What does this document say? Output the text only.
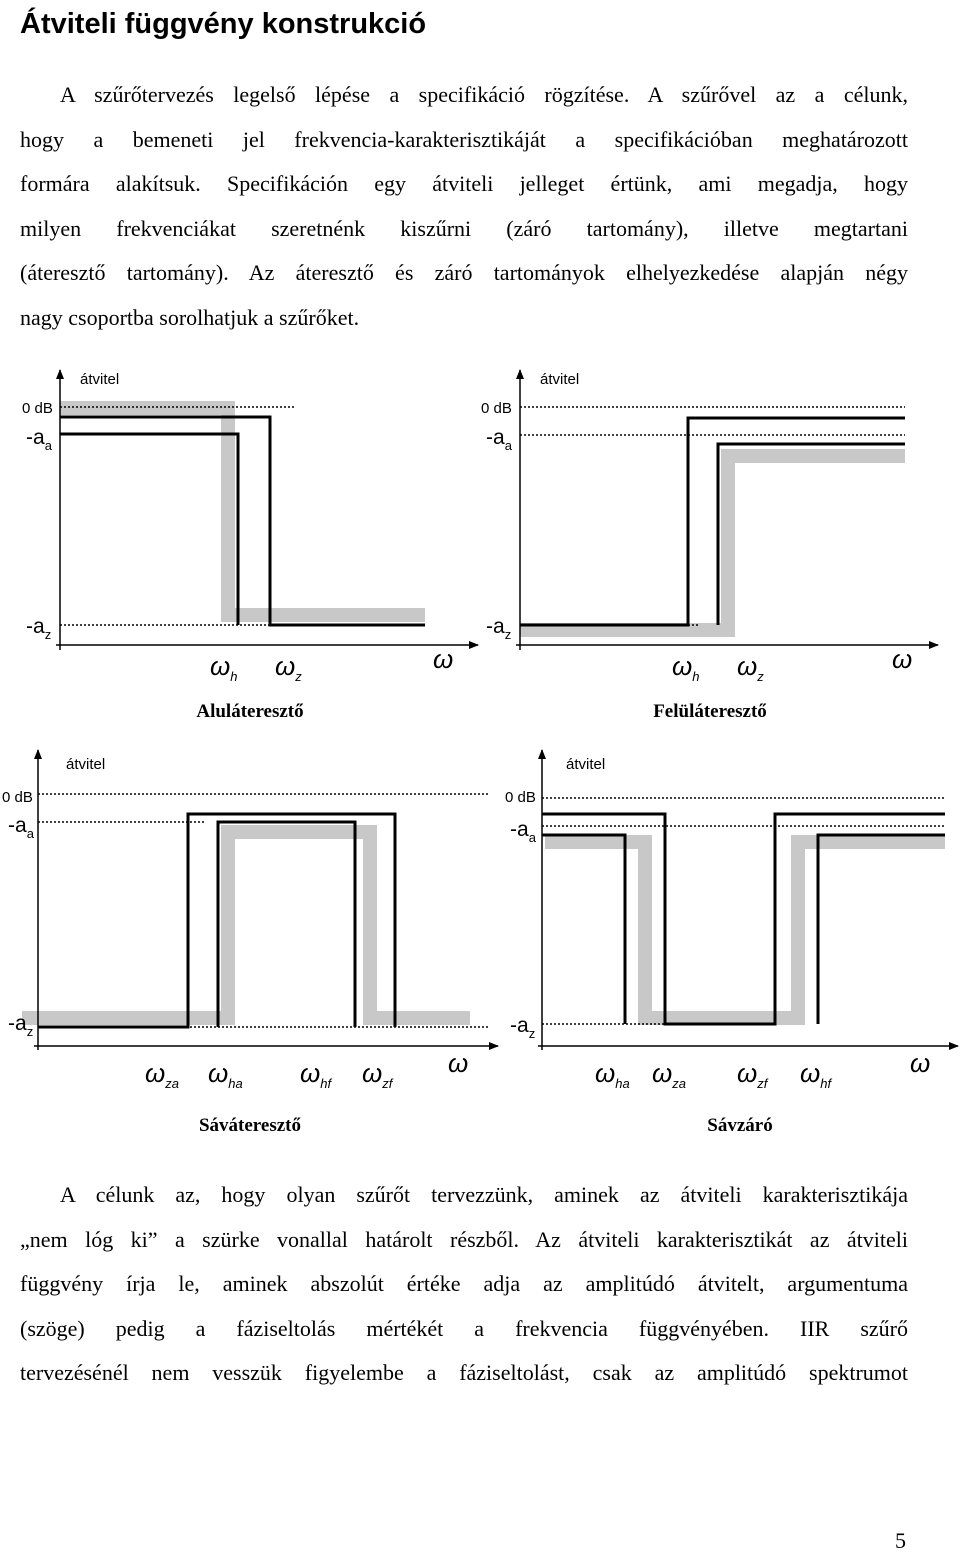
Átviteli függvény konstrukció

A szűrőtervezés legelső lépése a specifikáció rögzítése. A szűrővel az a célunk,
hogy a bemeneti jel frekvencia-karakterisztikáját a specifikációban meghatározott
formára alakítsuk. Specifikáción egy átviteli jelleget értünk, ami megadja, hogy
milyen frekvenciákat szeretnénk kiszűrni (záró tartomány), illetve megtartani
(áteresztő tartomány). Az áteresztő és záró tartományok elhelyezkedése alapján négy
nagy csoportba sorolhatjuk a szűrőket.

átvitel
0 dB
$-a_a$
$-a_z$
$\omega_h$ $\omega_z$
ω
Aluláteresztő
átvitel
0 dB
$-a_a$
$-a_z$
$\omega_h$ $\omega_z$
ω
Felüláteresztő
átvitel
0 dB
$-a_a$
$-a_z$
$\omega_{za}$ $\omega_{ha}$ $\omega_{hf}$ $\omega_{zf}$
ω
Sáváteresztő
átvitel
0 dB
$-a_a$
$-a_z$
$\omega_{ha}$ $\omega_{za}$ $\omega_{zf}$ $\omega_{hf}$
ω
Sávzáró

A célunk az, hogy olyan szűrőt tervezzünk, aminek az átviteli karakterisztikája
„nem lóg ki” a szürke vonallal határolt részből. Az átviteli karakterisztikát az átviteli
függvény írja le, aminek abszolút értéke adja az amplitúdó átvitelt, argumentuma
(szöge) pedig a fáziseltolás mértékét a frekvencia függvényében. IIR szűrő
tervezésénél nem vesszük figyelembe a fáziseltolást, csak az amplitúdó spektrumot

5
